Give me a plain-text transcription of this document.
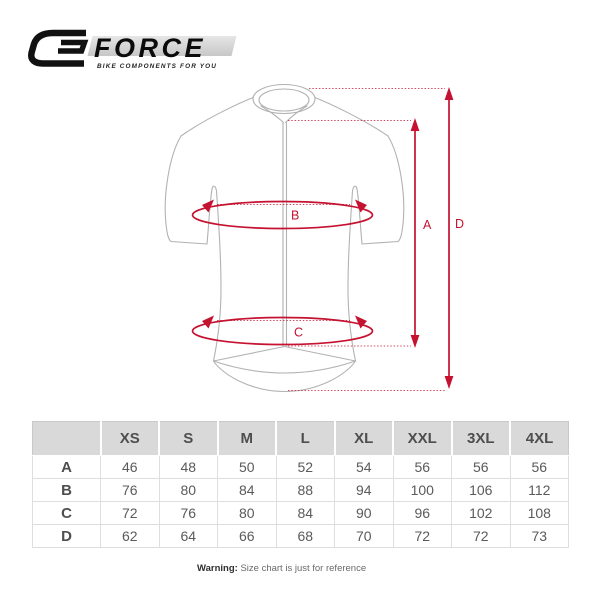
FORCE
BIKE COMPONENTS FOR YOU
B
C
A D
	XS	S	M	L	XL	XXL	3XL	4XL
A	46	48	50	52	54	56	56	56
B	76	80	84	88	94	100	106	112
C	72	76	80	84	90	96	102	108
D	62	64	66	68	70	72	72	73
Warning: Size chart is just for reference
